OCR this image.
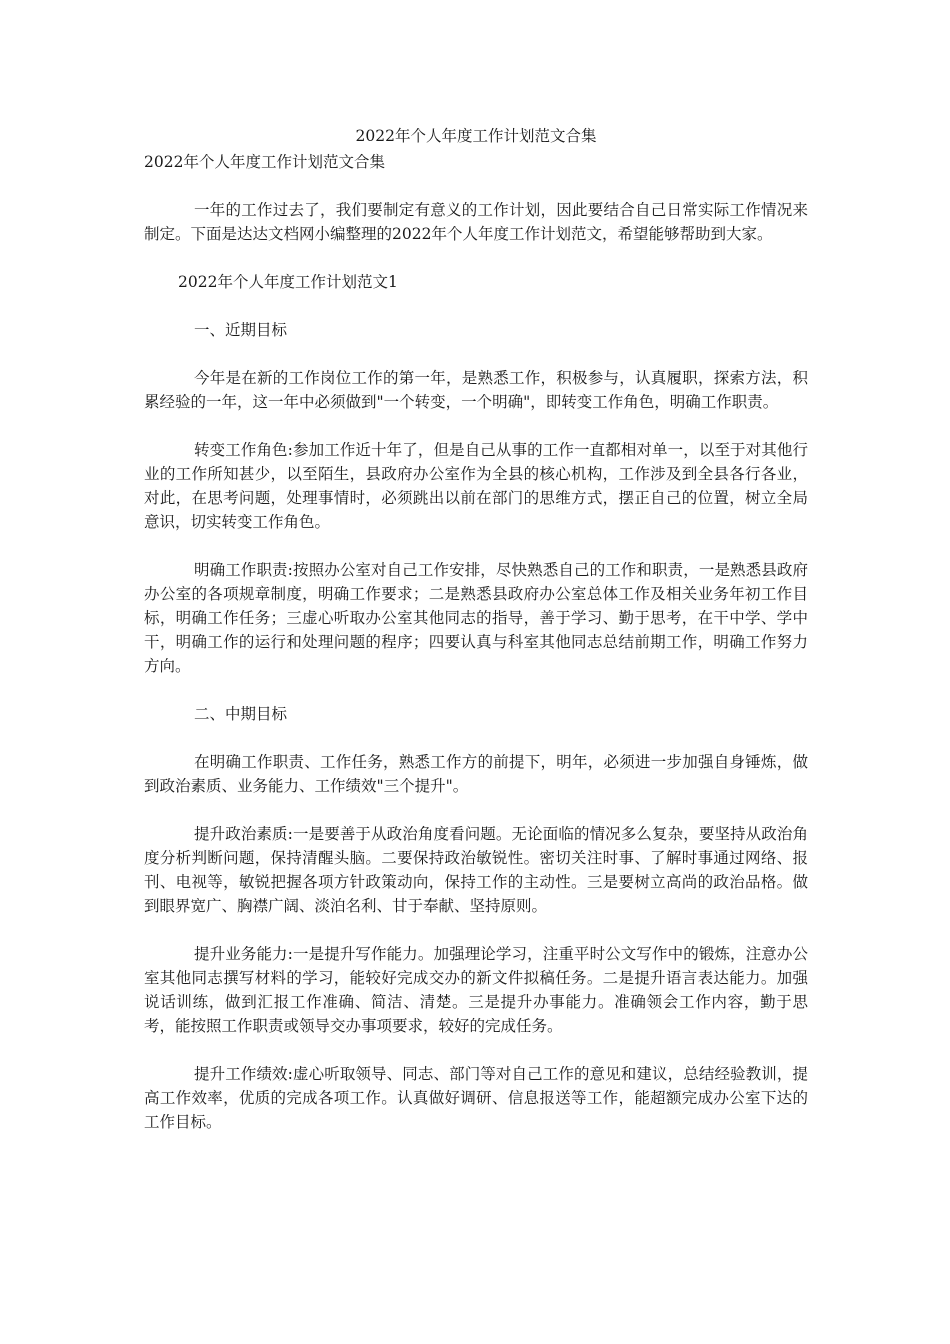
2022年个人年度工作计划范文合集
2022年个人年度工作计划范文合集

一年的工作过去了，我们要制定有意义的工作计划，因此要结合自己日常实际工作情况来制定。下面是达达文档网小编整理的2022年个人年度工作计划范文，希望能够帮助到大家。

2022年个人年度工作计划范文1

一、近期目标

今年是在新的工作岗位工作的第一年，是熟悉工作，积极参与，认真履职，探索方法，积累经验的一年，这一年中必须做到"一个转变，一个明确"，即转变工作角色，明确工作职责。

转变工作角色:参加工作近十年了，但是自己从事的工作一直都相对单一，以至于对其他行业的工作所知甚少，以至陌生，县政府办公室作为全县的核心机构，工作涉及到全县各行各业，对此，在思考问题，处理事情时，必须跳出以前在部门的思维方式，摆正自己的位置，树立全局意识，切实转变工作角色。

明确工作职责:按照办公室对自己工作安排，尽快熟悉自己的工作和职责，一是熟悉县政府办公室的各项规章制度，明确工作要求；二是熟悉县政府办公室总体工作及相关业务年初工作目标，明确工作任务；三虚心听取办公室其他同志的指导，善于学习、勤于思考，在干中学、学中干，明确工作的运行和处理问题的程序；四要认真与科室其他同志总结前期工作，明确工作努力方向。

二、中期目标

在明确工作职责、工作任务，熟悉工作方的前提下，明年，必须进一步加强自身锤炼，做到政治素质、业务能力、工作绩效"三个提升"。

提升政治素质:一是要善于从政治角度看问题。无论面临的情况多么复杂，要坚持从政治角度分析判断问题，保持清醒头脑。二要保持政治敏锐性。密切关注时事、了解时事通过网络、报刊、电视等，敏锐把握各项方针政策动向，保持工作的主动性。三是要树立高尚的政治品格。做到眼界宽广、胸襟广阔、淡泊名利、甘于奉献、坚持原则。

提升业务能力:一是提升写作能力。加强理论学习，注重平时公文写作中的锻炼，注意办公室其他同志撰写材料的学习，能较好完成交办的新文件拟稿任务。二是提升语言表达能力。加强说话训练，做到汇报工作准确、简洁、清楚。三是提升办事能力。准确领会工作内容，勤于思考，能按照工作职责或领导交办事项要求，较好的完成任务。

提升工作绩效:虚心听取领导、同志、部门等对自己工作的意见和建议，总结经验教训，提高工作效率，优质的完成各项工作。认真做好调研、信息报送等工作，能超额完成办公室下达的工作目标。
